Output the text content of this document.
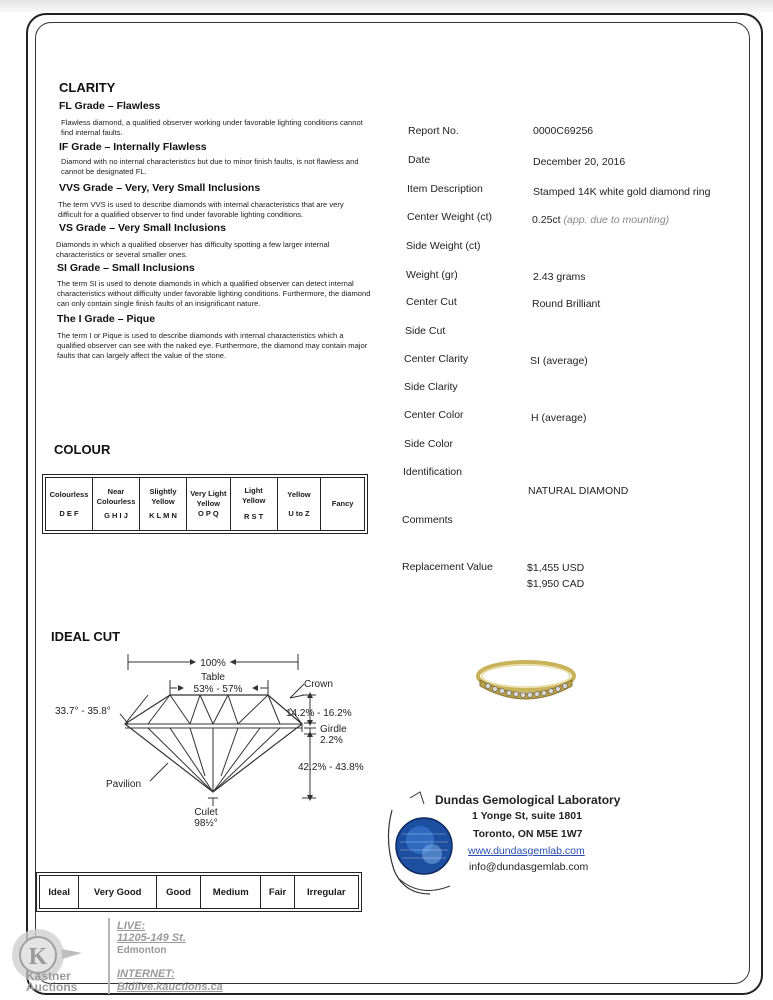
CLARITY
FL Grade – Flawless
Flawless diamond, a qualified observer working under favorable lighting conditions cannot find internal faults.
IF Grade – Internally Flawless
Diamond with no internal characteristics but due to minor finish faults, is not flawless and cannot be designated FL.
VVS Grade – Very, Very Small Inclusions
The term VVS is used to describe diamonds with internal characteristics that are very difficult for a qualified observer to find under favorable lighting conditions.
VS Grade – Very Small Inclusions
Diamonds in which a qualified observer has difficulty spotting a few larger internal characteristics or several smaller ones.
SI Grade – Small Inclusions
The term SI is used to denote diamonds in which a qualified observer can detect internal characteristics without difficulty under favorable lighting conditions. Furthermore, the diamond can only contain single finish faults of an insignificant nature.
The I Grade – Pique
The term I or Pique is used to describe diamonds with internal characteristics which a qualified observer can see with the naked eye. Furthermore, the diamond may contain major faults that can largely affect the value of the stone.
COLOUR
Colourless
D E F

Near Colourless
G H I J

Slightly Yellow
K L M N

Very Light Yellow
O P Q

Light Yellow
R S T

Yellow
U to Z

Fancy
IDEAL CUT
100%
Table
53% - 57%	Crown
33.7° - 35.8°	14.2% - 16.2%
Girdle
2.2%
42.2% - 43.8%
Pavilion
Culet
98½°
Ideal	Very Good	Good	Medium	Fair	Irregular
Report No.	0000C69256
Date	December 20, 2016
Item Description	Stamped 14K white gold diamond ring
Center Weight (ct)	0.25ct (app. due to mounting)
Side Weight (ct)
Weight (gr)	2.43 grams
Center Cut	Round Brilliant
Side Cut
Center Clarity	SI (average)
Side Clarity
Center Color	H (average)
Side Color
Identification
NATURAL DIAMOND
Comments
Replacement Value	$1,455 USD
$1,950 CAD
Dundas Gemological Laboratory
1 Yonge St, suite 1801
Toronto, ON M5E 1W7
www.dundasgemlab.com
info@dundasgemlab.com
K
Kastner Auctions
LIVE:
11205-149 St.
Edmonton
INTERNET:
Bidlive.kauctions.ca
